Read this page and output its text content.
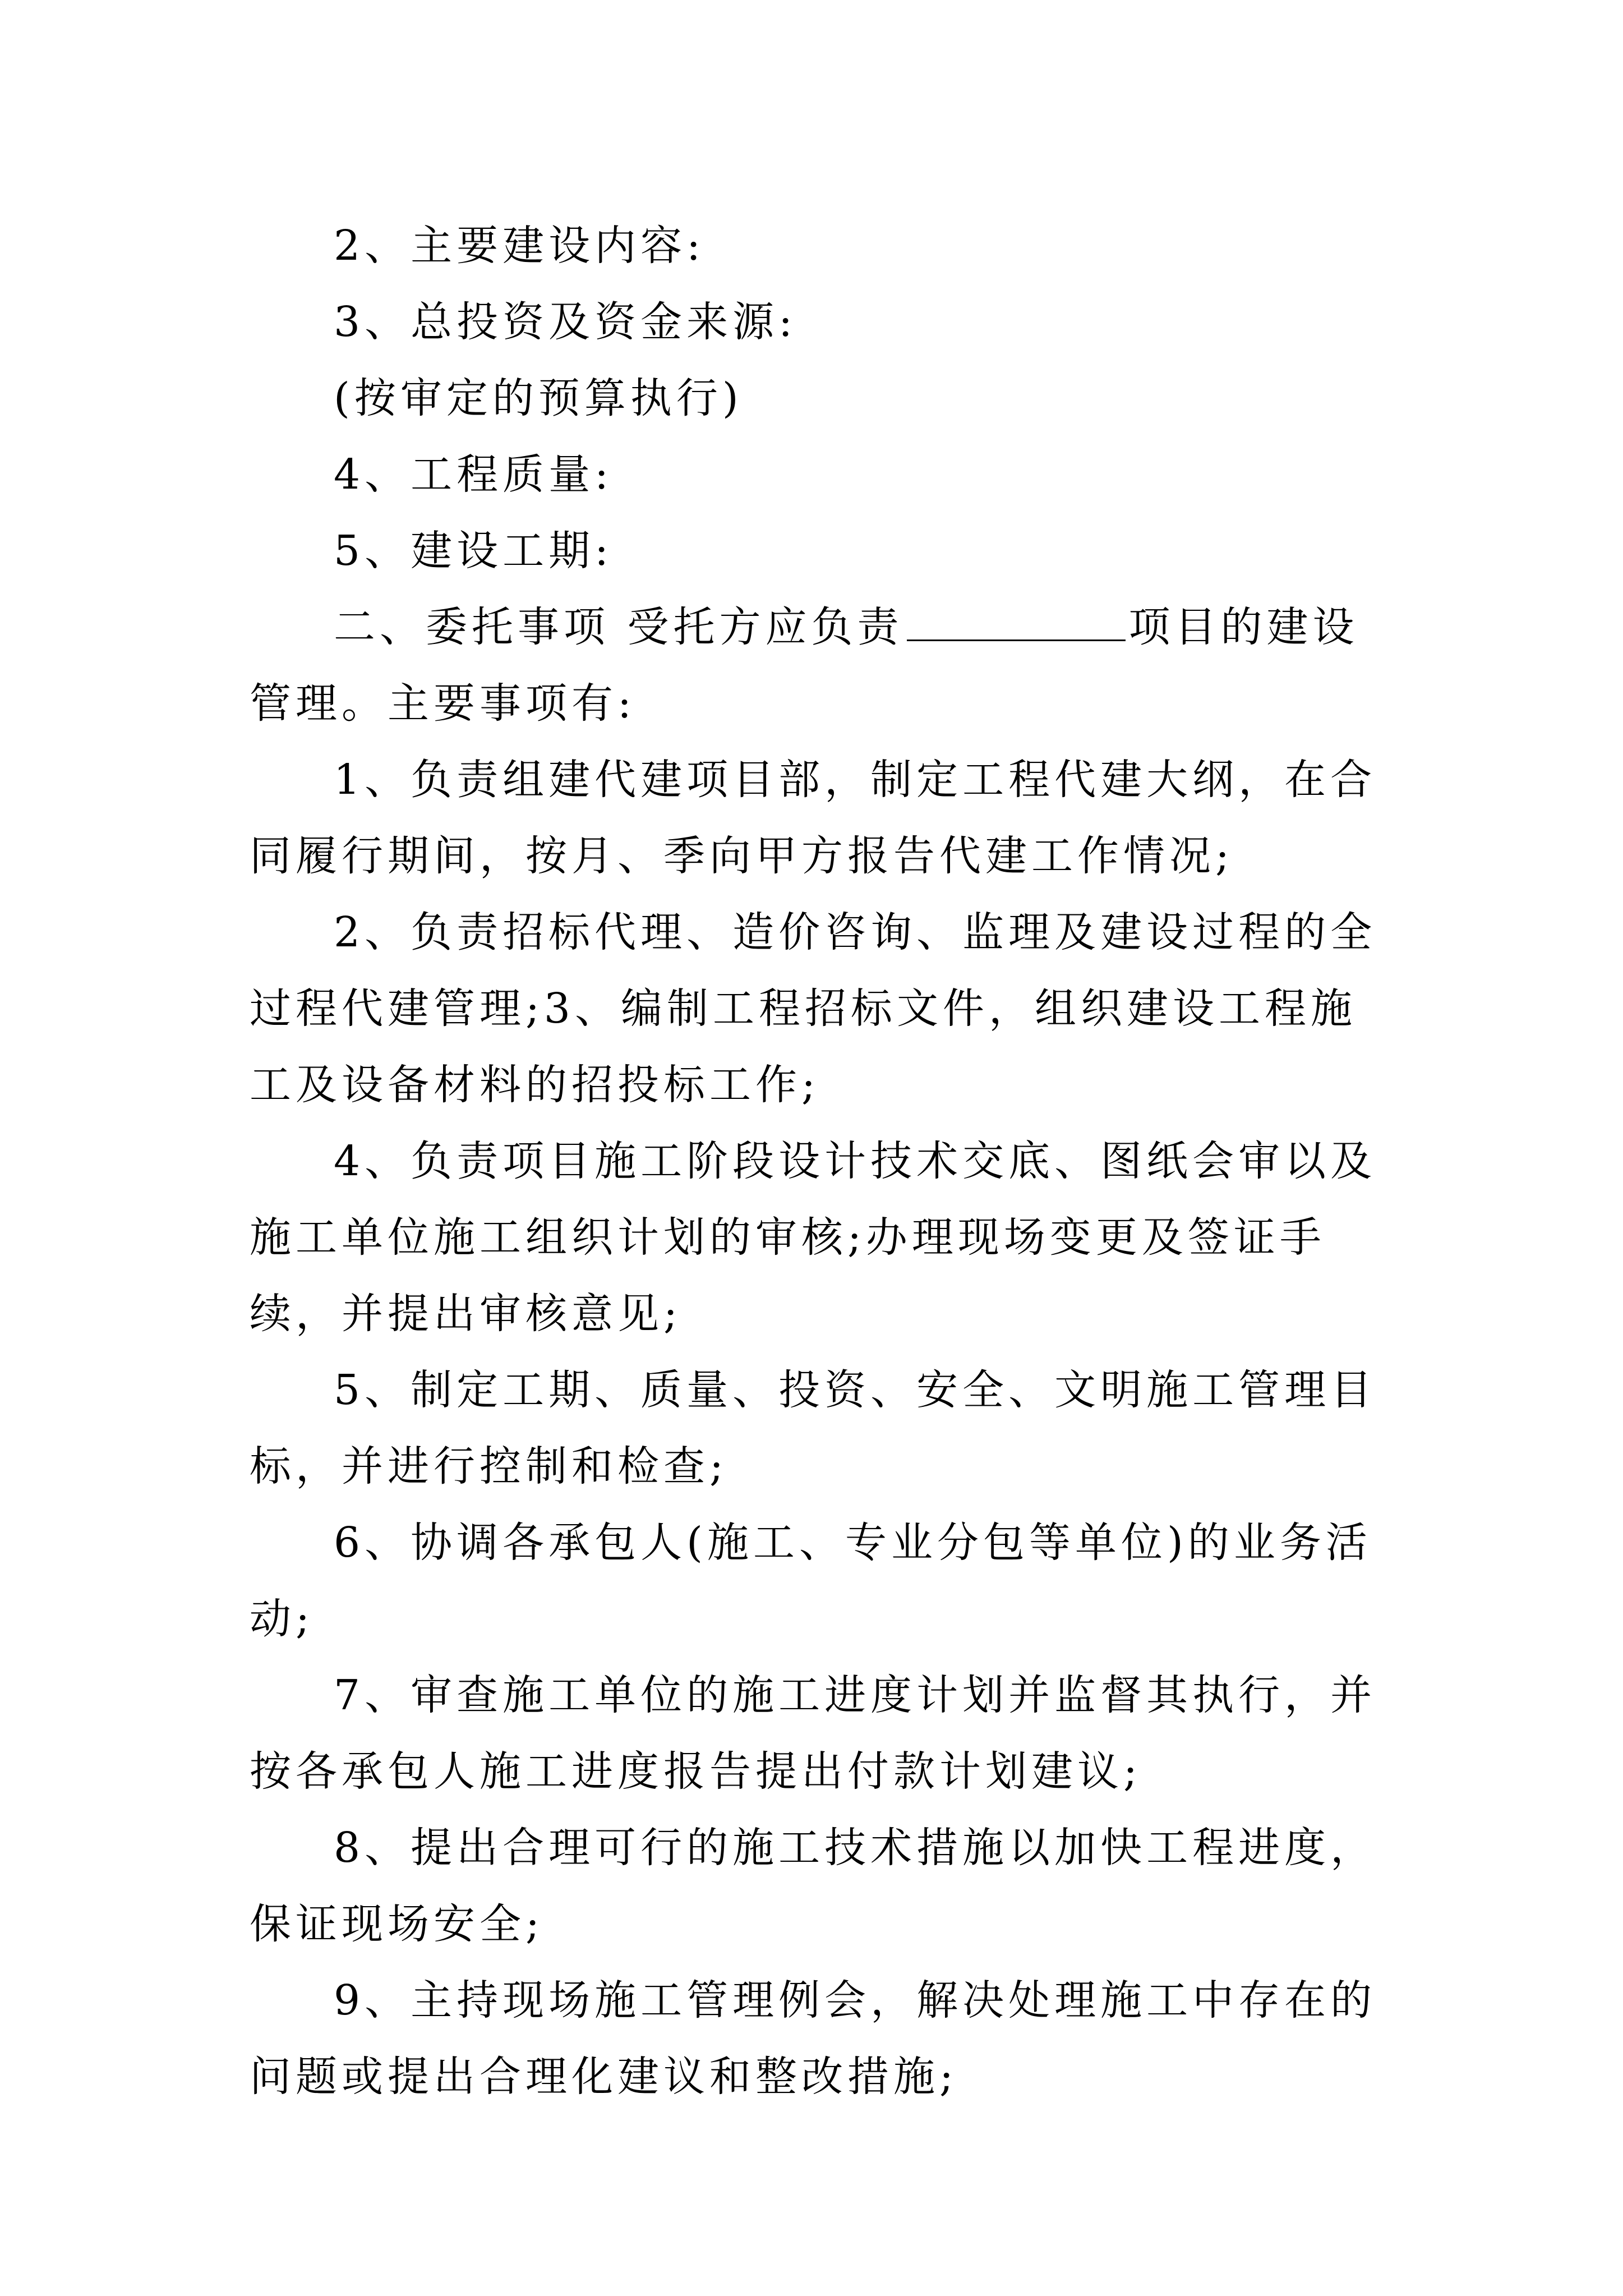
2、主要建设内容:

3、总投资及资金来源:

(按审定的预算执行)

4、工程质量:

5、建设工期:

二、委托事项 受托方应负责	项目的建设管理。主要事项有:

1、负责组建代建项目部，制定工程代建大纲，在合同履行期间，按月、季向甲方报告代建工作情况;

2、负责招标代理、造价咨询、监理及建设过程的全过程代建管理;3、编制工程招标文件，组织建设工程施工及设备材料的招投标工作;

4、负责项目施工阶段设计技术交底、图纸会审以及施工单位施工组织计划的审核;办理现场变更及签证手续，并提出审核意见;

5、制定工期、质量、投资、安全、文明施工管理目标，并进行控制和检查;

6、协调各承包人(施工、专业分包等单位)的业务活动;

7、审查施工单位的施工进度计划并监督其执行，并按各承包人施工进度报告提出付款计划建议;

8、提出合理可行的施工技术措施以加快工程进度，保证现场安全;

9、主持现场施工管理例会，解决处理施工中存在的问题或提出合理化建议和整改措施;
